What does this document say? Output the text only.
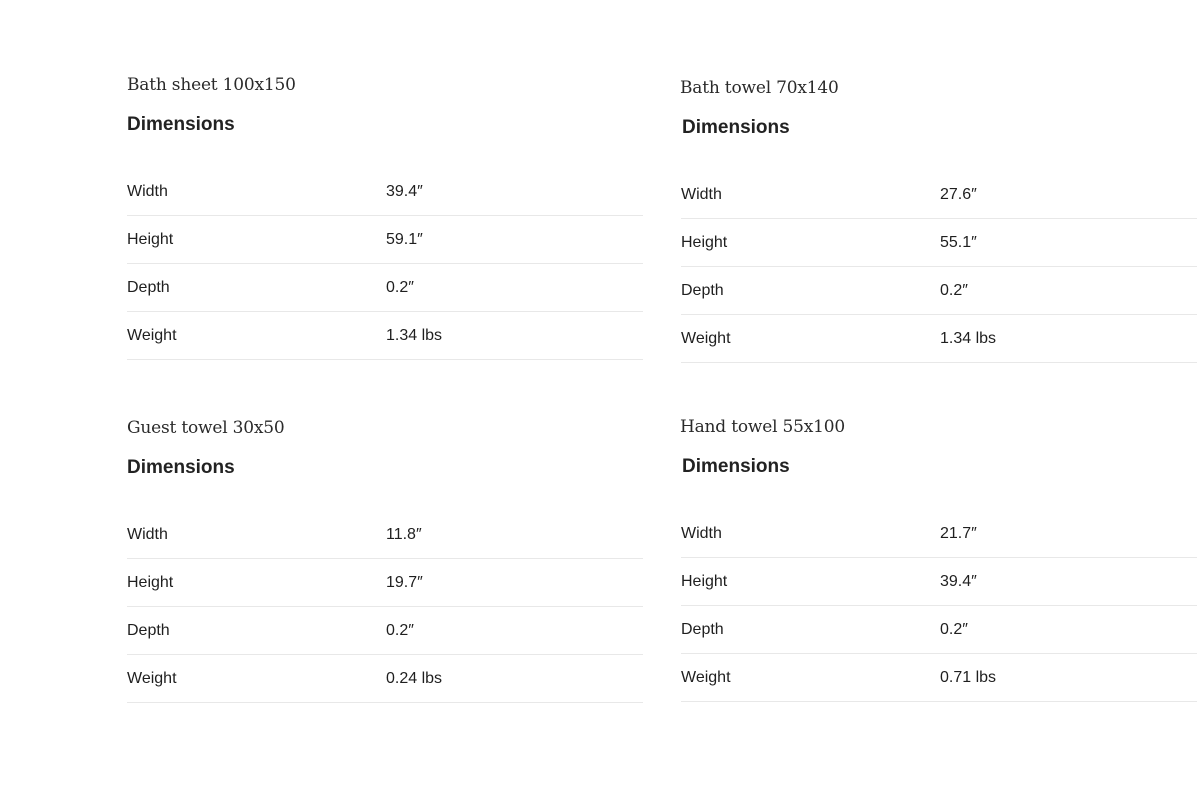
Bath sheet 100x150
Dimensions
Width	39.4″
Height	59.1″
Depth	0.2″
Weight	1.34 lbs
Bath towel 70x140
Dimensions
Width	27.6″
Height	55.1″
Depth	0.2″
Weight	1.34 lbs
Guest towel 30x50
Dimensions
Width	11.8″
Height	19.7″
Depth	0.2″
Weight	0.24 lbs
Hand towel 55x100
Dimensions
Width	21.7″
Height	39.4″
Depth	0.2″
Weight	0.71 lbs
